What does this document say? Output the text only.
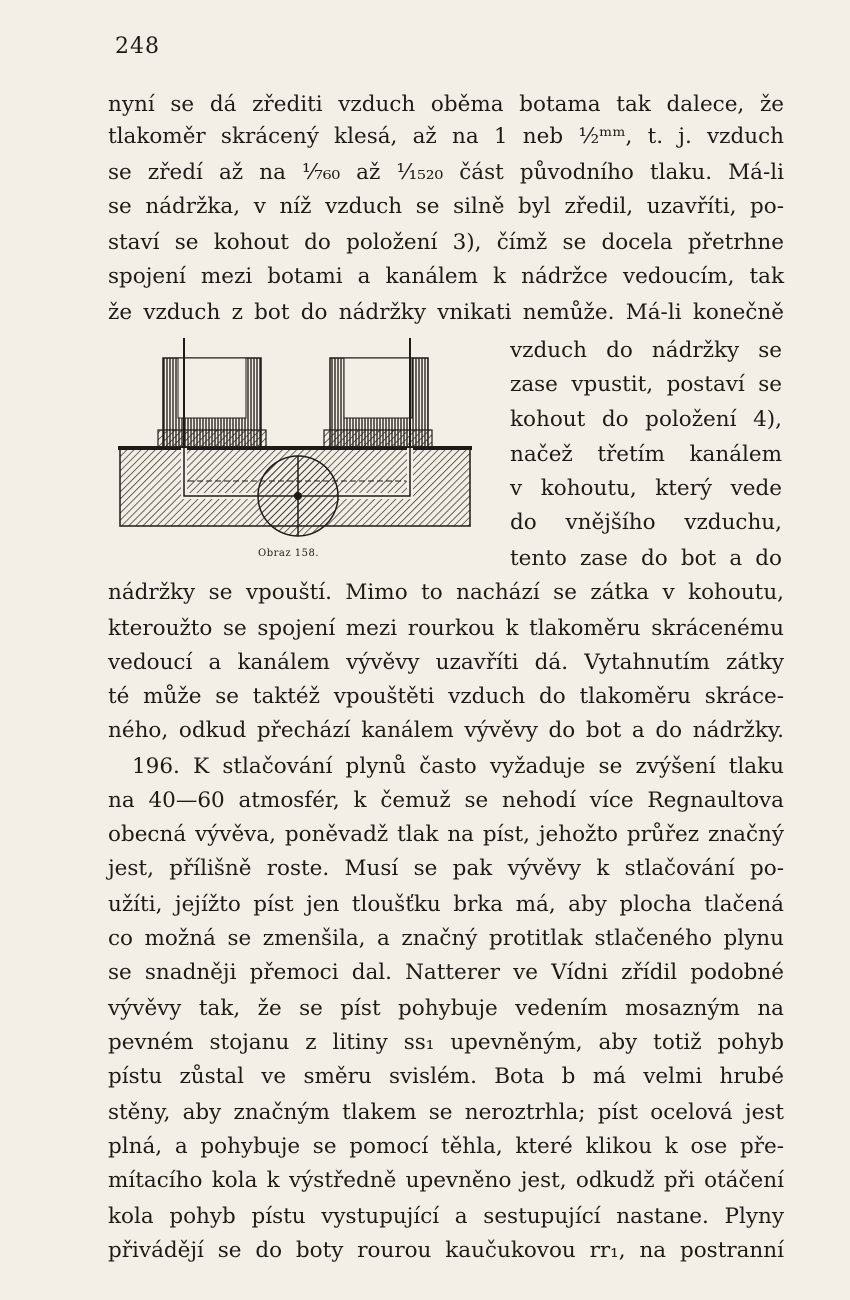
248
nyní se dá zřediti vzduch oběma botama tak dalece, že
tlakoměr skrácený klesá, až na 1 neb ½ᵐᵐ, t. j. vzduch
se zředí až na ¹⁄₇₆₀ až ¹⁄₁₅₂₀ část původního tlaku. Má-li
se nádržka, v níž vzduch se silně byl zředil, uzavříti, po-
staví se kohout do položení 3), čímž se docela přetrhne
spojení mezi botami a kanálem k nádržce vedoucím, tak
že vzduch z bot do nádržky vnikati nemůže. Má-li konečně
vzduch do nádržky se
zase vpustit, postaví se
kohout do položení 4),
načež třetím kanálem
v kohoutu, který vede
do vnějšího vzduchu,
tento zase do bot a do
Obraz 158.
nádržky se vpouští. Mimo to nachází se zátka v kohoutu,
kteroužto se spojení mezi rourkou k tlakoměru skrácenému
vedoucí a kanálem vývěvy uzavříti dá. Vytahnutím zátky
té může se taktéž vpouštěti vzduch do tlakoměru skráce-
ného, odkud přechází kanálem vývěvy do bot a do nádržky.
196. K stlačování plynů často vyžaduje se zvýšení tlaku
na 40—60 atmosfér, k čemuž se nehodí více Regnaultova
obecná vývěva, poněvadž tlak na píst, jehožto průřez značný
jest, přílišně roste. Musí se pak vývěvy k stlačování po-
užíti, jejížto píst jen tloušťku brka má, aby plocha tlačená
co možná se zmenšila, a značný protitlak stlačeného plynu
se snadněji přemoci dal. Natterer ve Vídni zřídil podobné
vývěvy tak, že se píst pohybuje vedením mosazným na
pevném stojanu z litiny ss₁ upevněným, aby totiž pohyb
pístu zůstal ve směru svislém. Bota b má velmi hrubé
stěny, aby značným tlakem se neroztrhla; píst ocelová jest
plná, a pohybuje se pomocí těhla, které klikou k ose pře-
mítacího kola k výstředně upevněno jest, odkudž při otáčení
kola pohyb pístu vystupující a sestupující nastane. Plyny
přivádějí se do boty rourou kaučukovou rr₁, na postranní
